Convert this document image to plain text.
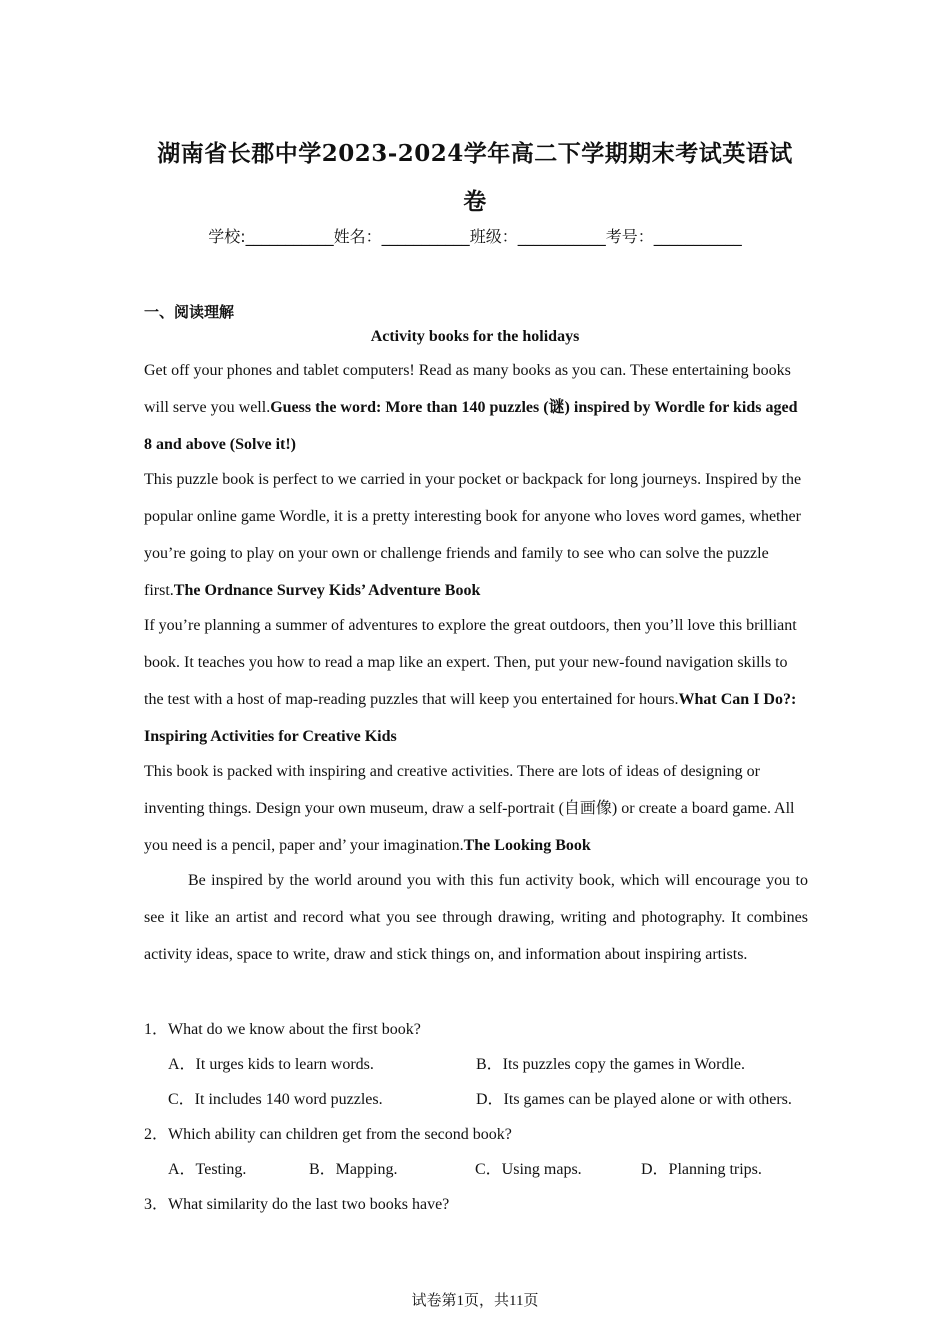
湖南省长郡中学2023-2024学年高二下学期期末考试英语试
卷
学校:___________姓名：___________班级：___________考号：___________
一、阅读理解
Activity books for the holidays

Get off your phones and tablet computers! Read as many books as you can. These entertaining books will serve you well.Guess the word: More than 140 puzzles (谜) inspired by Wordle for kids aged 8 and above (Solve it!)

This puzzle book is perfect to we carried in your pocket or backpack for long journeys. Inspired by the popular online game Wordle, it is a pretty interesting book for anyone who loves word games, whether you’re going to play on your own or challenge friends and family to see who can solve the puzzle first.The Ordnance Survey Kids’ Adventure Book

If you’re planning a summer of adventures to explore the great outdoors, then you’ll love this brilliant book. It teaches you how to read a map like an expert. Then, put your new-found navigation skills to the test with a host of map-reading puzzles that will keep you entertained for hours.What Can I Do?: Inspiring Activities for Creative Kids

This book is packed with inspiring and creative activities. There are lots of ideas of designing or inventing things. Design your own museum, draw a self-portrait (自画像) or create a board game. All you need is a pencil, paper and’ your imagination.The Looking Book

Be inspired by the world around you with this fun activity book, which will encourage you to see it like an artist and record what you see through drawing, writing and photography. It combines activity ideas, space to write, draw and stick things on, and information about inspiring artists.

1．What do we know about the first book?
A．It urges kids to learn words.	B．Its puzzles copy the games in Wordle.
C．It includes 140 word puzzles.	D．Its games can be played alone or with others.
2．Which ability can children get from the second book?
A．Testing.	B．Mapping.	C．Using maps.	D．Planning trips.
3．What similarity do the last two books have?
试卷第1页，共11页
